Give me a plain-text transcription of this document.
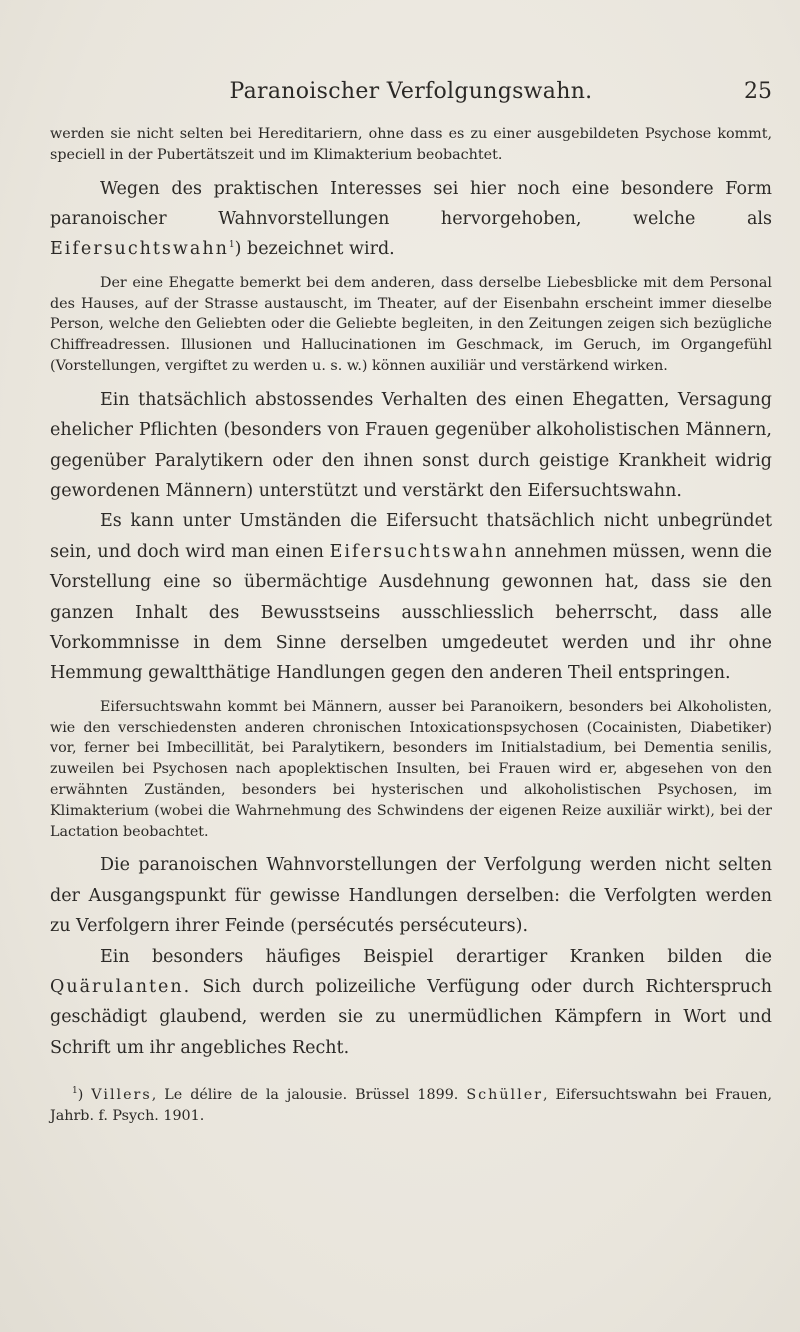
Paranoischer Verfolgungswahn.	25

werden sie nicht selten bei Hereditariern, ohne dass es zu einer ausgebildeten Psychose kommt, speciell in der Pubertätszeit und im Klimakterium beobachtet.

Wegen des praktischen Interesses sei hier noch eine besondere Form paranoischer Wahnvorstellungen hervorgehoben, welche als Eifersuchtswahn$^1$) bezeichnet wird.

Der eine Ehegatte bemerkt bei dem anderen, dass derselbe Liebesblicke mit dem Personal des Hauses, auf der Strasse austauscht, im Theater, auf der Eisenbahn erscheint immer dieselbe Person, welche den Geliebten oder die Geliebte begleiten, in den Zeitungen zeigen sich bezügliche Chiffreadressen. Illusionen und Hallucinationen im Geschmack, im Geruch, im Organgefühl (Vorstellungen, vergiftet zu werden u. s. w.) können auxiliär und verstärkend wirken.

Ein thatsächlich abstossendes Verhalten des einen Ehegatten, Versagung ehelicher Pflichten (besonders von Frauen gegenüber alkoholistischen Männern, gegenüber Paralytikern oder den ihnen sonst durch geistige Krankheit widrig gewordenen Männern) unterstützt und verstärkt den Eifersuchtswahn.

Es kann unter Umständen die Eifersucht thatsächlich nicht unbegründet sein, und doch wird man einen Eifersuchtswahn annehmen müssen, wenn die Vorstellung eine so übermächtige Ausdehnung gewonnen hat, dass sie den ganzen Inhalt des Bewusstseins ausschliesslich beherrscht, dass alle Vorkommnisse in dem Sinne derselben umgedeutet werden und ihr ohne Hemmung gewaltthätige Handlungen gegen den anderen Theil entspringen.

Eifersuchtswahn kommt bei Männern, ausser bei Paranoikern, besonders bei Alkoholisten, wie den verschiedensten anderen chronischen Intoxicationspsychosen (Cocainisten, Diabetiker) vor, ferner bei Imbecillität, bei Paralytikern, besonders im Initialstadium, bei Dementia senilis, zuweilen bei Psychosen nach apoplektischen Insulten, bei Frauen wird er, abgesehen von den erwähnten Zuständen, besonders bei hysterischen und alkoholistischen Psychosen, im Klimakterium (wobei die Wahrnehmung des Schwindens der eigenen Reize auxiliär wirkt), bei der Lactation beobachtet.

Die paranoischen Wahnvorstellungen der Verfolgung werden nicht selten der Ausgangspunkt für gewisse Handlungen derselben: die Verfolgten werden zu Verfolgern ihrer Feinde (persécutés persécuteurs).

Ein besonders häufiges Beispiel derartiger Kranken bilden die Quärulanten. Sich durch polizeiliche Verfügung oder durch Richterspruch geschädigt glaubend, werden sie zu unermüdlichen Kämpfern in Wort und Schrift um ihr angebliches Recht.

$^1$) Villers, Le délire de la jalousie. Brüssel 1899. Schüller, Eifersuchtswahn bei Frauen, Jahrb. f. Psych. 1901.
